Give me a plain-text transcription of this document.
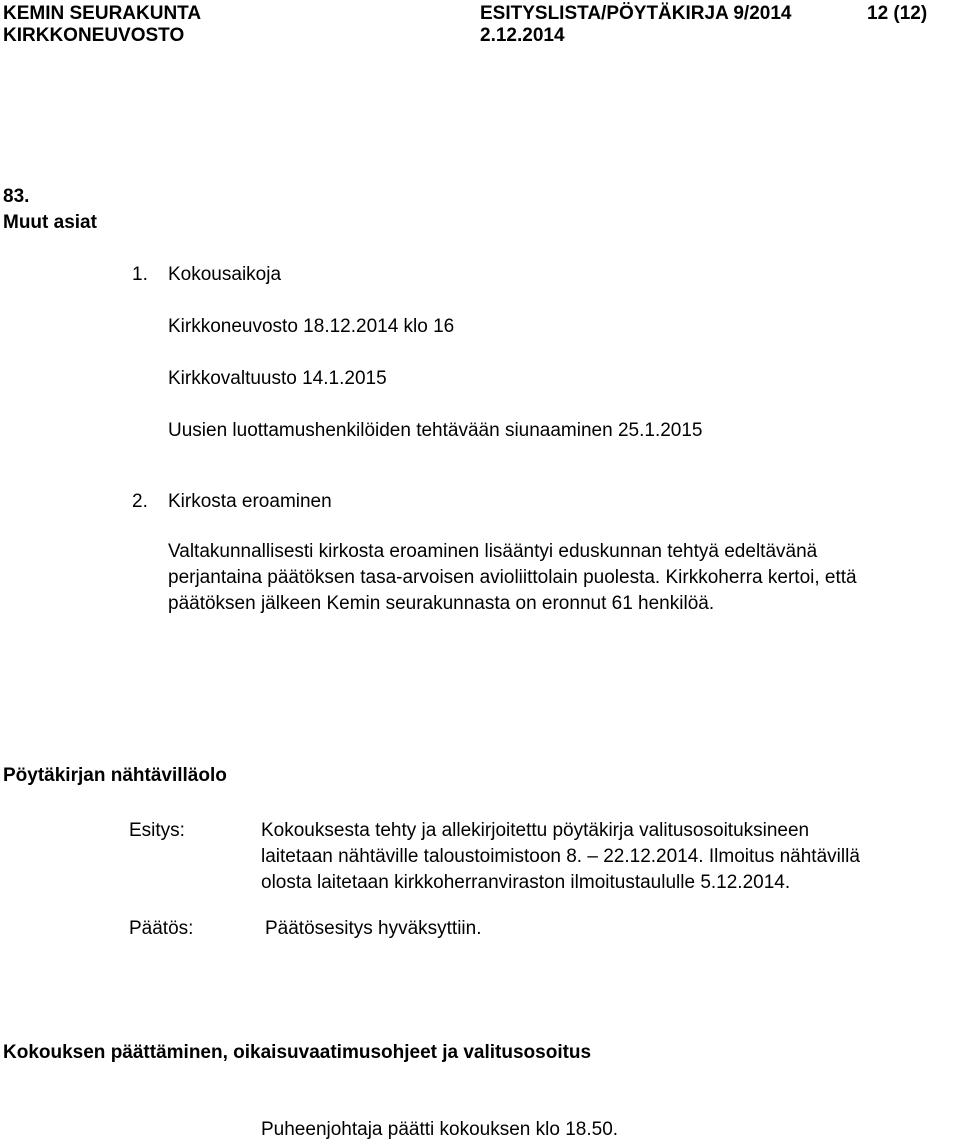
KEMIN SEURAKUNTA
KIRKKONEUVOSTO
ESITYSLISTA/PÖYTÄKIRJA 9/2014
2.12.2014
12 (12)
83.
Muut asiat
1. Kokousaikoja
Kirkkoneuvosto 18.12.2014 klo 16
Kirkkovaltuusto 14.1.2015
Uusien luottamushenkilöiden tehtävään siunaaminen 25.1.2015
2. Kirkosta eroaminen
Valtakunnallisesti kirkosta eroaminen lisääntyi eduskunnan tehtyä edeltävänä
perjantaina päätöksen tasa-arvoisen avioliittolain puolesta. Kirkkoherra kertoi, että
päätöksen jälkeen Kemin seurakunnasta on eronnut 61 henkilöä.
Pöytäkirjan nähtävilläolo
Esitys:	Kokouksesta tehty ja allekirjoitettu pöytäkirja valitusosoituksineen
laitetaan nähtäville taloustoimistoon 8. – 22.12.2014. Ilmoitus nähtävillä
olosta laitetaan kirkkoherranviraston ilmoitustaululle 5.12.2014.
Päätös:	Päätösesitys hyväksyttiin.
Kokouksen päättäminen, oikaisuvaatimusohjeet ja valitusosoitus
Puheenjohtaja päätti kokouksen klo 18.50.
